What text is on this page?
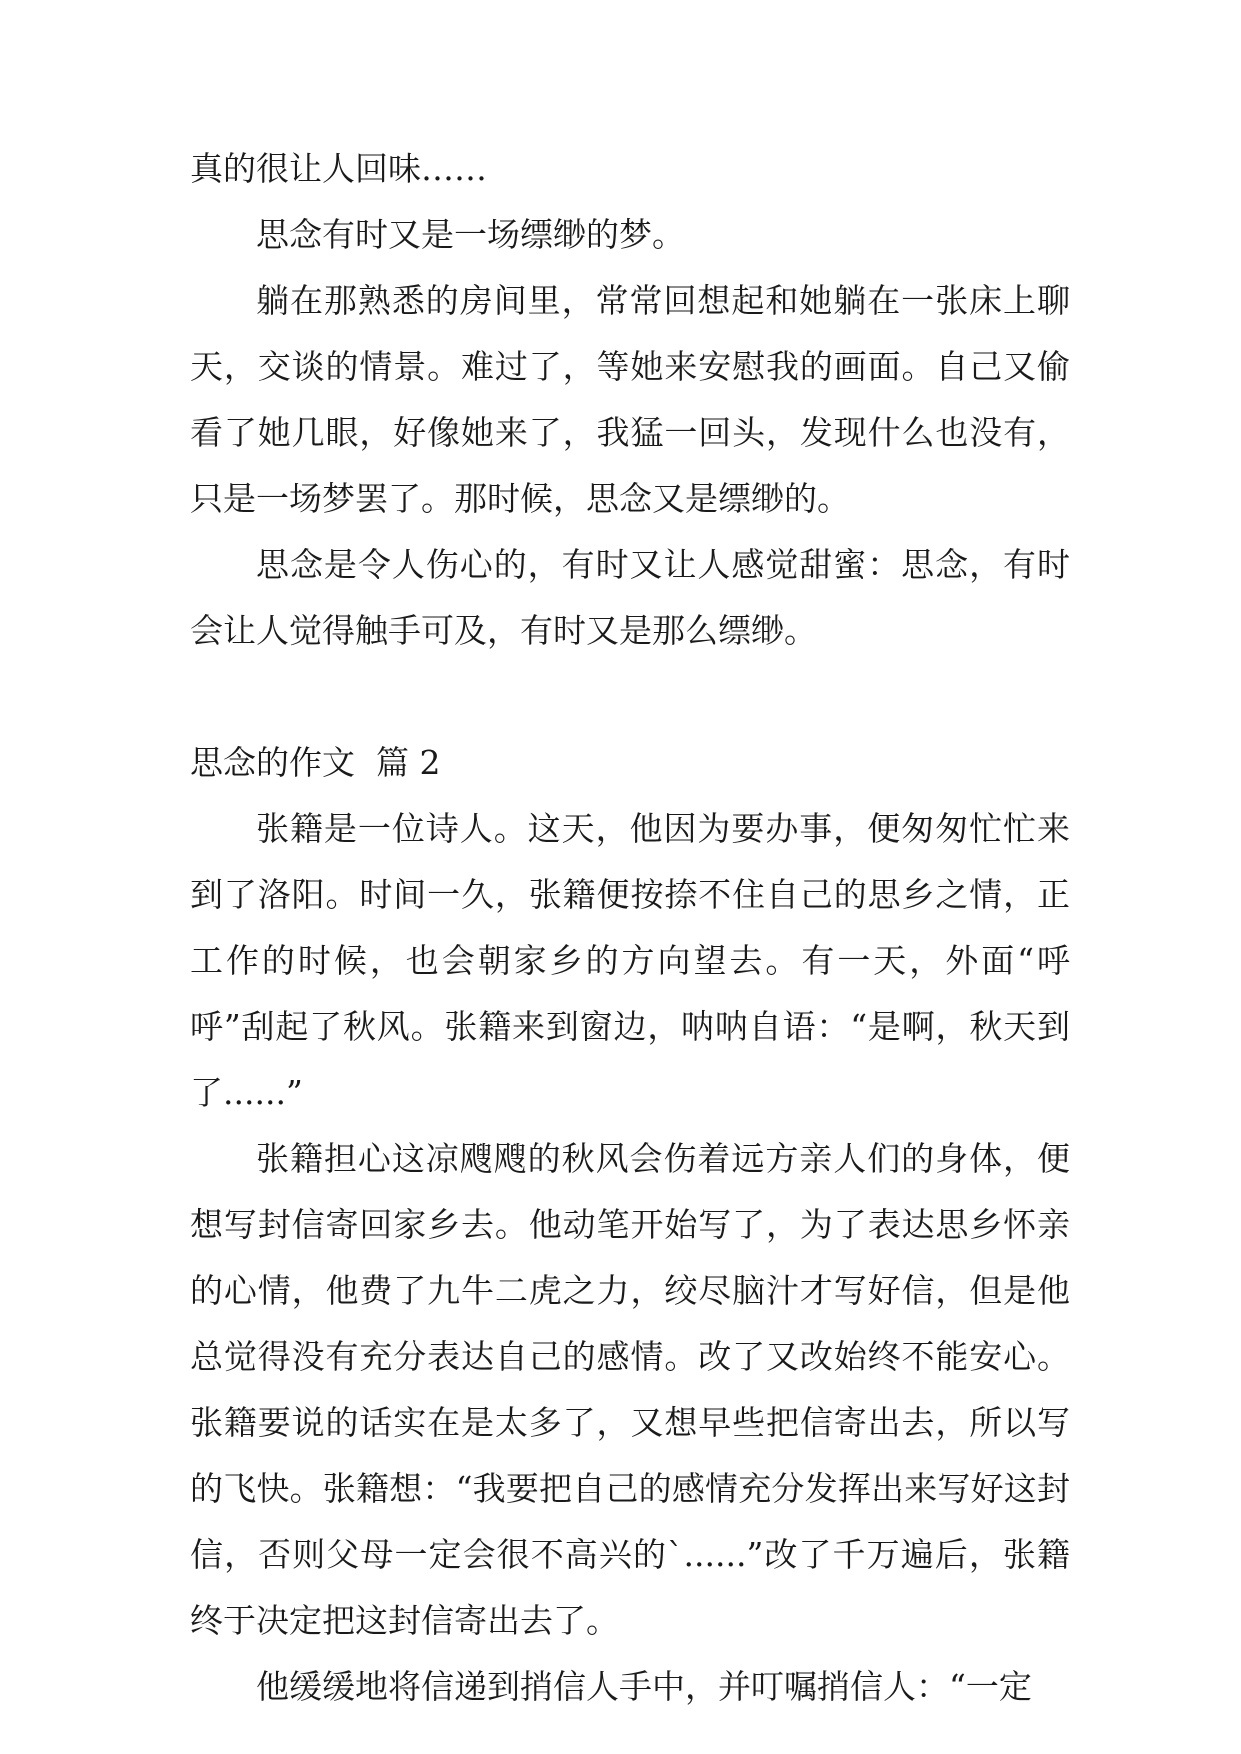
真的很让人回味……

思念有时又是一场缥缈的梦。

躺在那熟悉的房间里，常常回想起和她躺在一张床上聊天，交谈的情景。难过了，等她来安慰我的画面。自己又偷看了她几眼，好像她来了，我猛一回头，发现什么也没有，只是一场梦罢了。那时候，思念又是缥缈的。

思念是令人伤心的，有时又让人感觉甜蜜：思念，有时会让人觉得触手可及，有时又是那么缥缈。

思念的作文  篇 2

张籍是一位诗人。这天，他因为要办事，便匆匆忙忙来到了洛阳。时间一久，张籍便按捺不住自己的思乡之情，正工作的时候，也会朝家乡的方向望去。有一天，外面“呼呼”刮起了秋风。张籍来到窗边，呐呐自语：“是啊，秋天到了......”

张籍担心这凉飕飕的秋风会伤着远方亲人们的身体，便想写封信寄回家乡去。他动笔开始写了，为了表达思乡怀亲的心情，他费了九牛二虎之力，绞尽脑汁才写好信，但是他总觉得没有充分表达自己的感情。改了又改始终不能安心。张籍要说的话实在是太多了，又想早些把信寄出去，所以写的飞快。张籍想：“我要把自己的感情充分发挥出来写好这封信，否则父母一定会很不高兴的`......”改了千万遍后，张籍终于决定把这封信寄出去了。

他缓缓地将信递到捎信人手中，并叮嘱捎信人：“一定
